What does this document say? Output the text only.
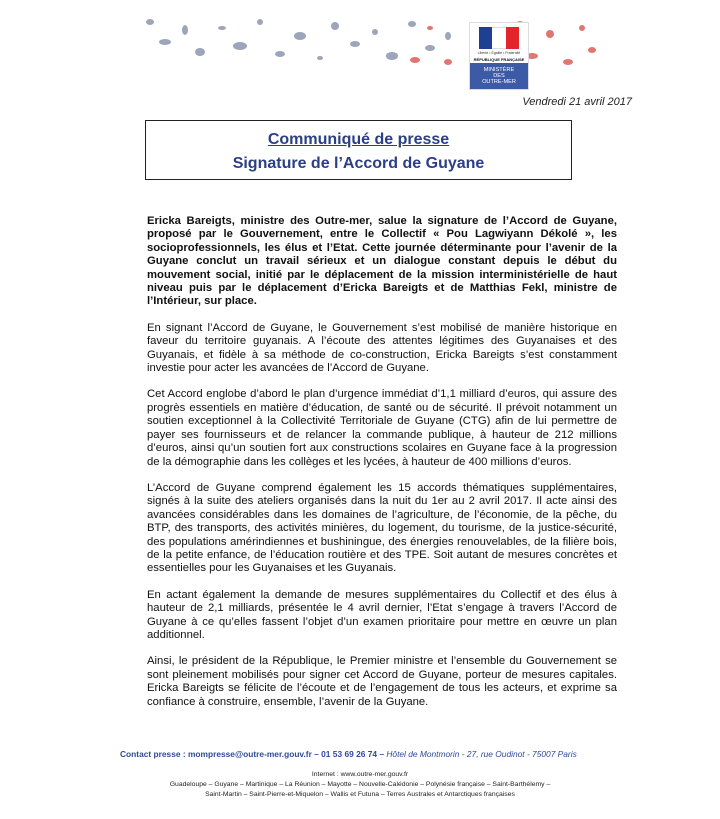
Liberté • Égalité • Fraternité
RÉPUBLIQUE FRANÇAISE
MINISTÈRE
DES
OUTRE-MER
Vendredi 21 avril 2017
Communiqué de presse
Signature de l’Accord de Guyane

Ericka Bareigts, ministre des Outre-mer, salue la signature de l’Accord de Guyane, proposé par le Gouvernement, entre le Collectif « Pou Lagwiyann Dékolé », les socioprofessionnels, les élus et l’Etat. Cette journée déterminante pour l’avenir de la Guyane conclut un travail sérieux et un dialogue constant depuis le début du mouvement social, initié par le déplacement de la mission interministérielle de haut niveau puis par le déplacement d’Ericka Bareigts et de Matthias Fekl, ministre de l’Intérieur, sur place.

En signant l’Accord de Guyane, le Gouvernement s’est mobilisé de manière historique en faveur du territoire guyanais. A l’écoute des attentes légitimes des Guyanaises et des Guyanais, et fidèle à sa méthode de co-construction, Ericka Bareigts s’est constamment investie pour acter les avancées de l’Accord de Guyane.

Cet Accord englobe d’abord le plan d’urgence immédiat d’1,1 milliard d’euros, qui assure des progrès essentiels en matière d’éducation, de santé ou de sécurité. Il prévoit notamment un soutien exceptionnel à la Collectivité Territoriale de Guyane (CTG) afin de lui permettre de payer ses fournisseurs et de relancer la commande publique, à hauteur de 212 millions d’euros, ainsi qu’un soutien fort aux constructions scolaires en Guyane face à la progression de la démographie dans les collèges et les lycées, à hauteur de 400 millions d’euros.

L’Accord de Guyane comprend également les 15 accords thématiques supplémentaires, signés à la suite des ateliers organisés dans la nuit du 1er au 2 avril 2017. Il acte ainsi des avancées considérables dans les domaines de l’agriculture, de l’économie, de la pêche, du BTP, des transports, des activités minières, du logement, du tourisme, de la justice-sécurité, des populations amérindiennes et bushiningue, des énergies renouvelables, de la filière bois, de la petite enfance, de l’éducation routière et des TPE. Soit autant de mesures concrètes et essentielles pour les Guyanaises et les Guyanais.

En actant également la demande de mesures supplémentaires du Collectif et des élus à hauteur de 2,1 milliards, présentée le 4 avril dernier, l’Etat s’engage à travers l’Accord de Guyane à ce qu’elles fassent l’objet d’un examen prioritaire pour mettre en œuvre un plan additionnel.

Ainsi, le président de la République, le Premier ministre et l’ensemble du Gouvernement se sont pleinement mobilisés pour signer cet Accord de Guyane, porteur de mesures capitales. Ericka Bareigts se félicite de l’écoute et de l’engagement de tous les acteurs, et exprime sa confiance à construire, ensemble, l’avenir de la Guyane.

Contact presse : mompresse@outre-mer.gouv.fr – 01 53 69 26 74 – Hôtel de Montmorin - 27, rue Oudinot - 75007 Paris
Internet : www.outre-mer.gouv.fr
Guadeloupe – Guyane – Martinique – La Réunion – Mayotte – Nouvelle-Calédonie – Polynésie française – Saint-Barthélemy –
Saint-Martin – Saint-Pierre-et-Miquelon – Wallis et Futuna – Terres Australes et Antarctiques françaises
